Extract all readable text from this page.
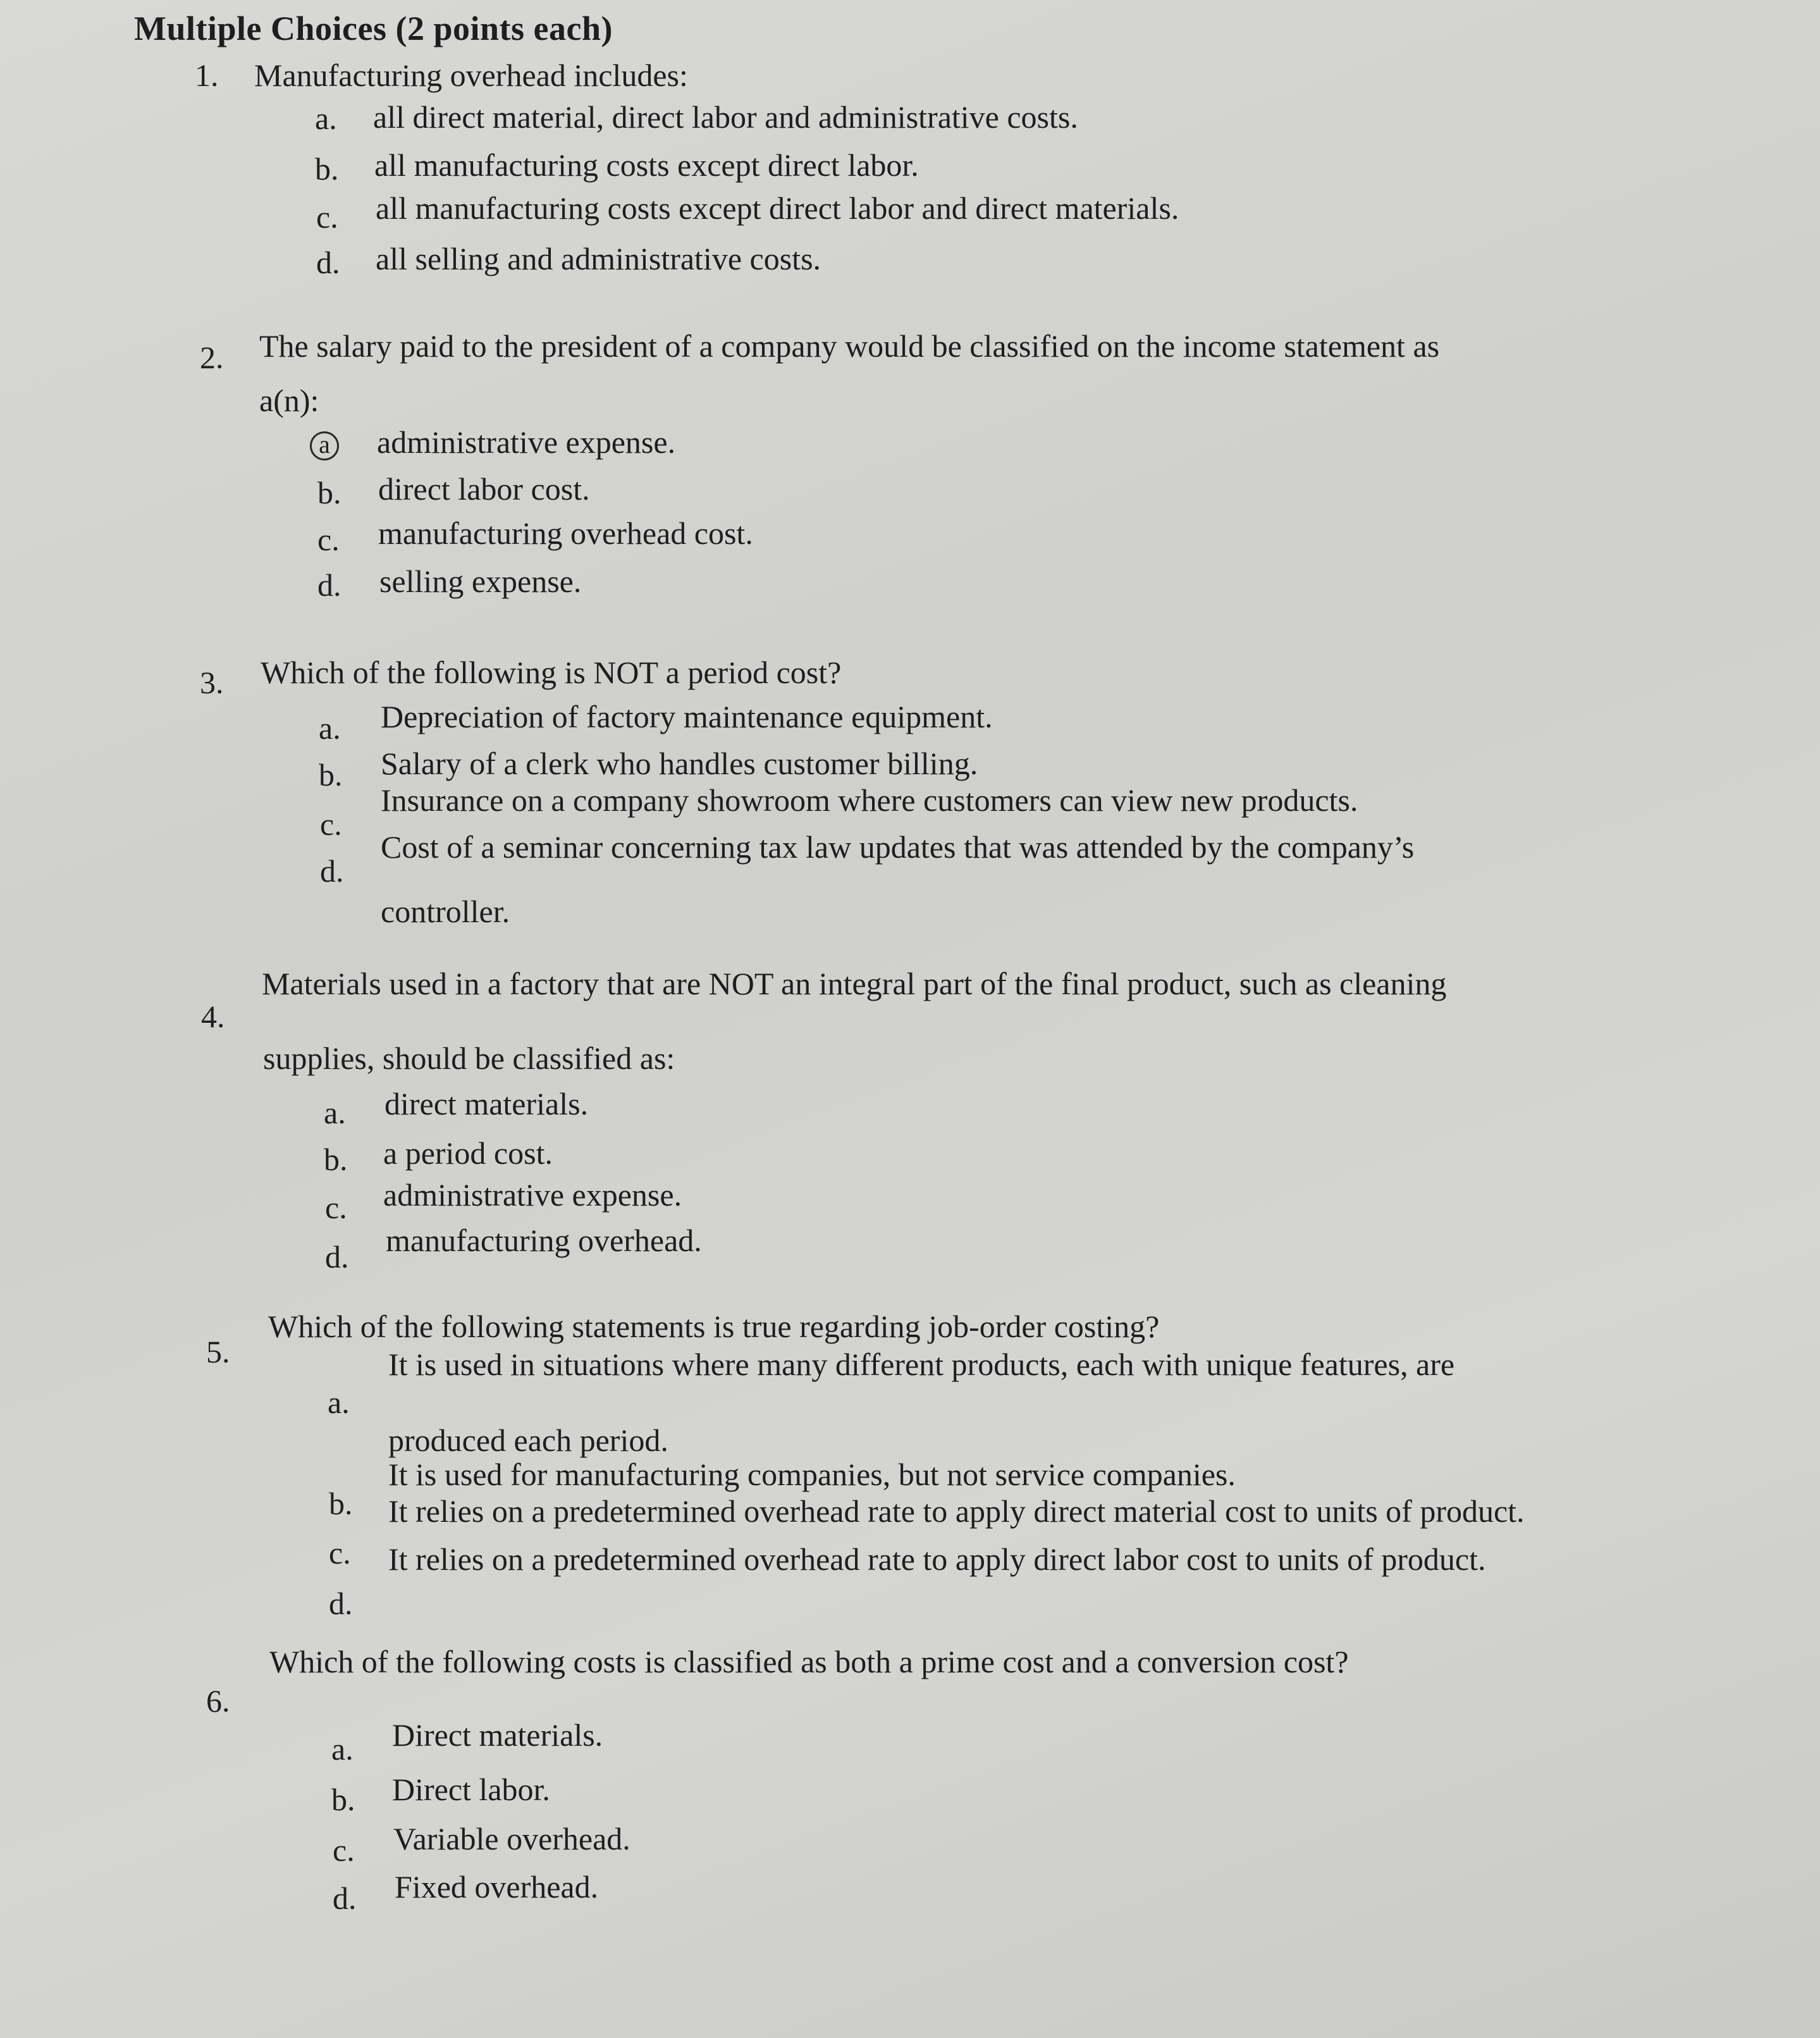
Multiple Choices (2 points each)
1. Manufacturing overhead includes:
a. all direct material, direct labor and administrative costs.
b. all manufacturing costs except direct labor.
c. all manufacturing costs except direct labor and direct materials.
d. all selling and administrative costs.
2. The salary paid to the president of a company would be classified on the income statement as
a(n):
a administrative expense.
b. direct labor cost.
c. manufacturing overhead cost.
d. selling expense.
3. Which of the following is NOT a period cost?
a. Depreciation of factory maintenance equipment.
b. Salary of a clerk who handles customer billing.
c.
Insurance on a company showroom where customers can view new products.
d.
Cost of a seminar concerning tax law updates that was attended by the company’s
controller.
4.
Materials used in a factory that are NOT an integral part of the final product, such as cleaning
supplies, should be classified as:
a. direct materials.
b. a period cost.
c. administrative expense.
d. manufacturing overhead.
5.
Which of the following statements is true regarding job-order costing?
a.
It is used in situations where many different products, each with unique features, are
produced each period.
b.
It is used for manufacturing companies, but not service companies.
c.
It relies on a predetermined overhead rate to apply direct material cost to units of product.
d.
It relies on a predetermined overhead rate to apply direct labor cost to units of product.
6.
Which of the following costs is classified as both a prime cost and a conversion cost?
a. Direct materials.
b. Direct labor.
c. Variable overhead.
d. Fixed overhead.
